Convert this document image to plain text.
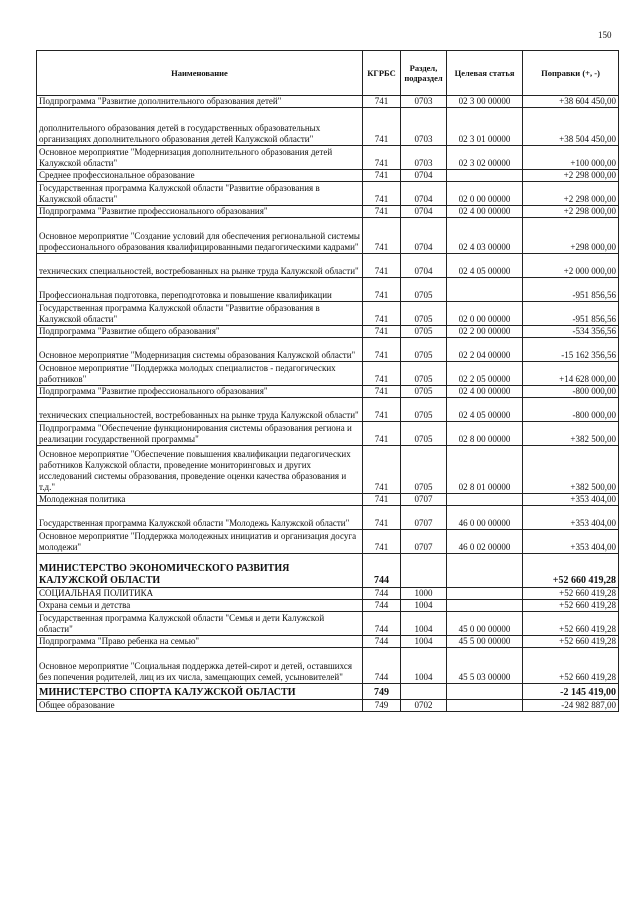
150
Наименование	КГРБС	Раздел, подраздел	Целевая статья	Поправки (+, -)
Подпрограмма "Развитие дополнительного образования детей"	741	0703	02 3 00 00000	+38 604 450,00
дополнительного образования детей в государственных образовательных организациях дополнительного образования детей Калужской области"	741	0703	02 3 01 00000	+38 504 450,00
Основное мероприятие "Модернизация дополнительного образования детей Калужской области"	741	0703	02 3 02 00000	+100 000,00
Среднее профессиональное образование	741	0704		+2 298 000,00
Государственная программа Калужской области "Развитие образования в Калужской области"	741	0704	02 0 00 00000	+2 298 000,00
Подпрограмма "Развитие профессионального образования"	741	0704	02 4 00 00000	+2 298 000,00
Основное мероприятие "Создание условий для обеспечения региональной системы профессионального образования квалифицированными педагогическими кадрами"	741	0704	02 4 03 00000	+298 000,00
технических специальностей, востребованных на рынке труда Калужской области"	741	0704	02 4 05 00000	+2 000 000,00
Профессиональная подготовка, переподготовка и повышение квалификации	741	0705		-951 856,56
Государственная программа Калужской области "Развитие образования в Калужской области"	741	0705	02 0 00 00000	-951 856,56
Подпрограмма "Развитие общего образования"	741	0705	02 2 00 00000	-534 356,56
Основное мероприятие "Модернизация системы образования Калужской области"	741	0705	02 2 04 00000	-15 162 356,56
Основное мероприятие "Поддержка молодых специалистов - педагогических работников"	741	0705	02 2 05 00000	+14 628 000,00
Подпрограмма "Развитие профессионального образования"	741	0705	02 4 00 00000	-800 000,00
технических специальностей, востребованных на рынке труда Калужской области"	741	0705	02 4 05 00000	-800 000,00
Подпрограмма "Обеспечение функционирования системы образования региона и реализации государственной программы"	741	0705	02 8 00 00000	+382 500,00
Основное мероприятие "Обеспечение повышения квалификации педагогических работников Калужской области, проведение мониторинговых и других исследований системы образования, проведение оценки качества образования и т.д."	741	0705	02 8 01 00000	+382 500,00
Молодежная политика	741	0707		+353 404,00
Государственная программа Калужской области "Молодежь Калужской области"	741	0707	46 0 00 00000	+353 404,00
Основное мероприятие "Поддержка молодежных инициатив и организация досуга молодежи"	741	0707	46 0 02 00000	+353 404,00
МИНИСТЕРСТВО ЭКОНОМИЧЕСКОГО РАЗВИТИЯ КАЛУЖСКОЙ ОБЛАСТИ	744			+52 660 419,28
СОЦИАЛЬНАЯ ПОЛИТИКА	744	1000		+52 660 419,28
Охрана семьи и детства	744	1004		+52 660 419,28
Государственная программа Калужской области "Семья и дети Калужской области"	744	1004	45 0 00 00000	+52 660 419,28
Подпрограмма "Право ребенка на семью"	744	1004	45 5 00 00000	+52 660 419,28
Основное мероприятие "Социальная поддержка детей-сирот и детей, оставшихся без попечения родителей, лиц из их числа, замещающих семей, усыновителей"	744	1004	45 5 03 00000	+52 660 419,28
МИНИСТЕРСТВО СПОРТА КАЛУЖСКОЙ ОБЛАСТИ	749			-2 145 419,00
Общее образование	749	0702		-24 982 887,00
